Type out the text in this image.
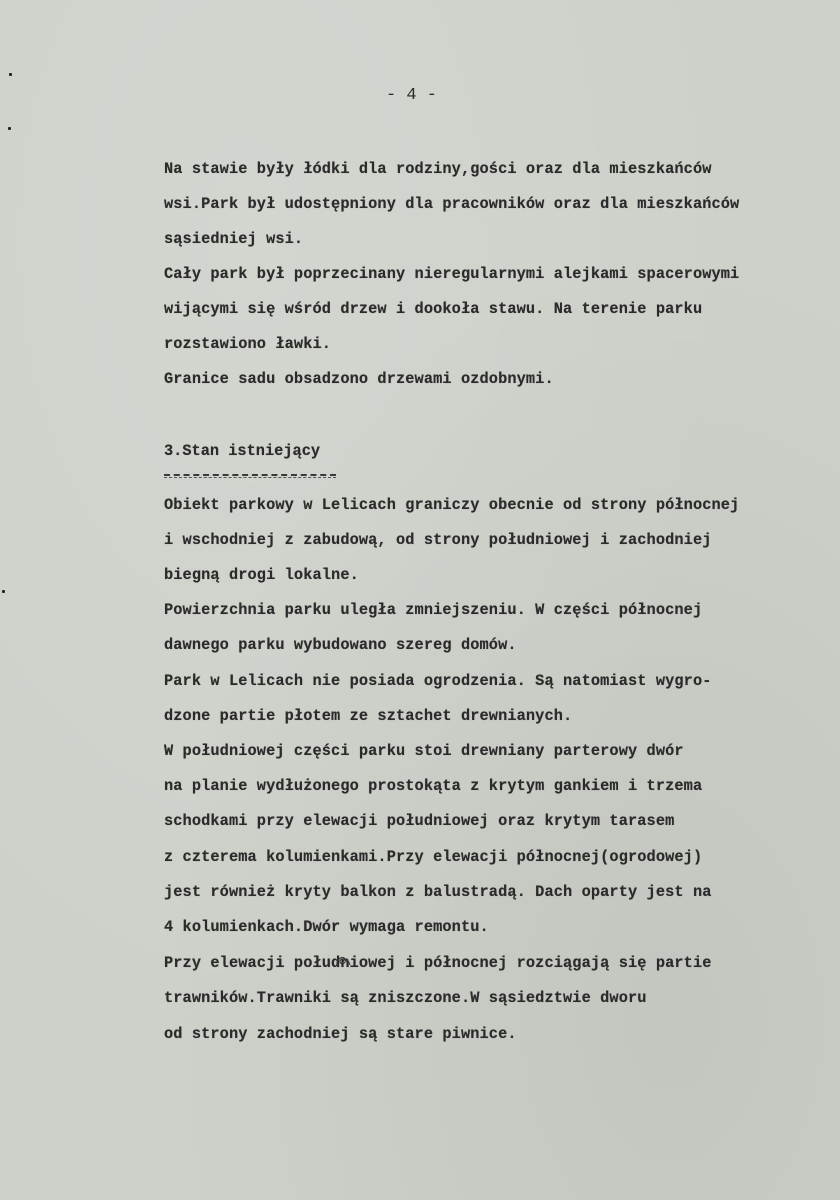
- 4 -
Na stawie były łódki dla rodziny,gości oraz dla mieszkańców
wsi.Park był udostępniony dla pracowników oraz dla mieszkańców
sąsiedniej wsi.
Cały park był poprzecinany nieregularnymi alejkami spacerowymi
wijącymi się wśród drzew i dookoła stawu. Na terenie parku
rozstawiono ławki.
Granice sadu obsadzono drzewami ozdobnymi.
3.Stan istniejący
Obiekt parkowy w Lelicach graniczy obecnie od strony północnej
i wschodniej z zabudową, od strony południowej i zachodniej
biegną drogi lokalne.
Powierzchnia parku uległa zmniejszeniu. W części północnej
dawnego parku wybudowano szereg domów.
Park w Lelicach nie posiada ogrodzenia. Są natomiast wygro-
dzone partie płotem ze sztachet drewnianych.
W południowej części parku stoi drewniany parterowy dwór
na planie wydłużonego prostokąta z krytym gankiem i trzema
schodkami przy elewacji południowej oraz krytym tarasem
z czterema kolumienkami.Przy elewacji północnej(ogrodowej)
jest również kryty balkon z balustradą. Dach oparty jest na
4 kolumienkach.Dwór wymaga remontu.
Przy elewacji południowej i północnej rozciągają się partie
trawników.Trawniki są zniszczone.W sąsiedztwie dworu
od strony zachodniej są stare piwnice.
